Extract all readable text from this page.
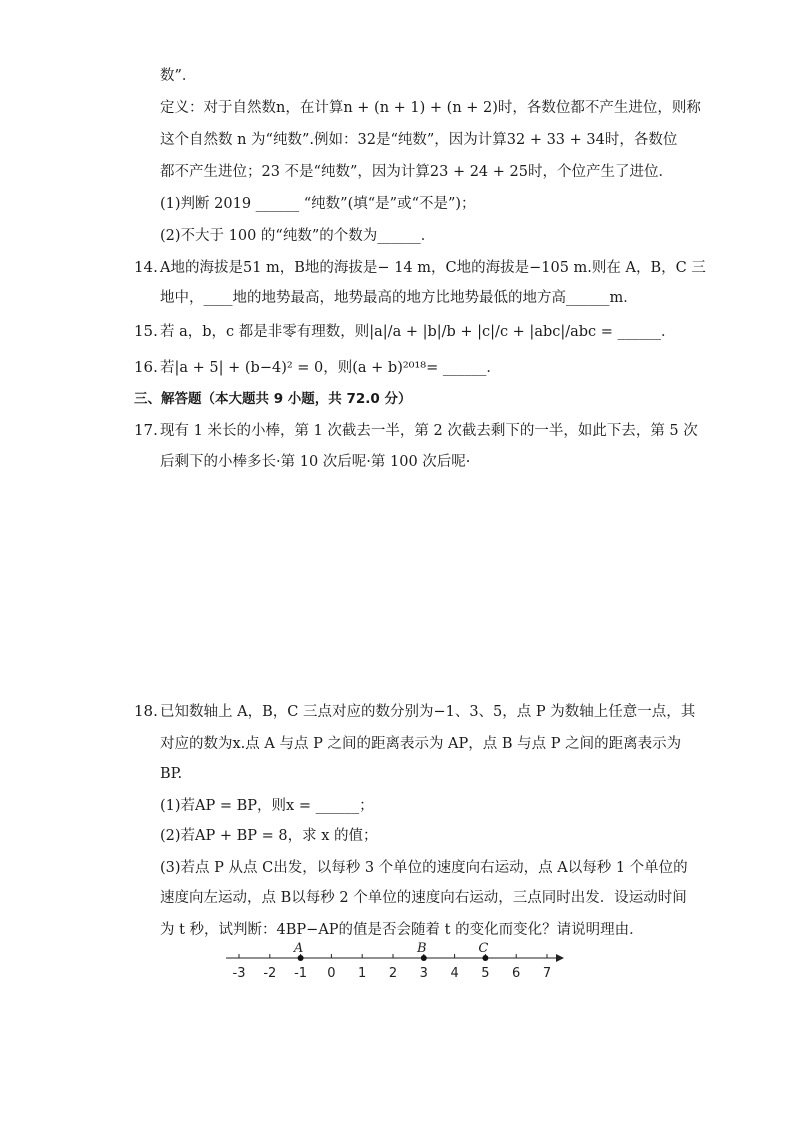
数”．
定义：对于自然数n，在计算n + (n + 1) + (n + 2)时，各数位都不产生进位，则称
这个自然数 n 为“纯数”.例如：32是“纯数”，因为计算32 + 33 + 34时，各数位
都不产生进位；23 不是“纯数”，因为计算23 + 24 + 25时，个位产生了进位．
(1)判断 2019 ______ “纯数”(填“是”或“不是”)；
(2)不大于 100 的“纯数”的个数为______．
14. A地的海拔是51 m，B地的海拔是− 14 m，C地的海拔是−105 m.则在 A，B，C 三
地中，____地的地势最高，地势最高的地方比地势最低的地方高______m．
15. 若 a，b，c 都是非零有理数，则|a|/a + |b|/b + |c|/c + |abc|/abc = ______．
16. 若|a + 5| + (b−4)² = 0，则(a + b)²⁰¹⁸= ______．
三、解答题（本大题共 9 小题，共 72.0 分）
17. 现有 1 米长的小棒，第 1 次截去一半，第 2 次截去剩下的一半，如此下去，第 5 次
后剩下的小棒多长·第 10 次后呢·第 100 次后呢·
18. 已知数轴上 A，B，C 三点对应的数分别为−1、3、5，点 P 为数轴上任意一点，其
对应的数为x.点 A 与点 P 之间的距离表示为 AP，点 B 与点 P 之间的距离表示为
BP.
(1)若AP = BP，则x = ______；
(2)若AP + BP = 8，求 x 的值；
(3)若点 P 从点 C出发，以每秒 3 个单位的速度向右运动，点 A以每秒 1 个单位的
速度向左运动，点 B以每秒 2 个单位的速度向右运动，三点同时出发．设运动时间
为 t 秒，试判断：4BP−AP的值是否会随着 t 的变化而变化？请说明理由．
-3 -2 -1 0 1 2 3 4 5 6 7
A	B	C
